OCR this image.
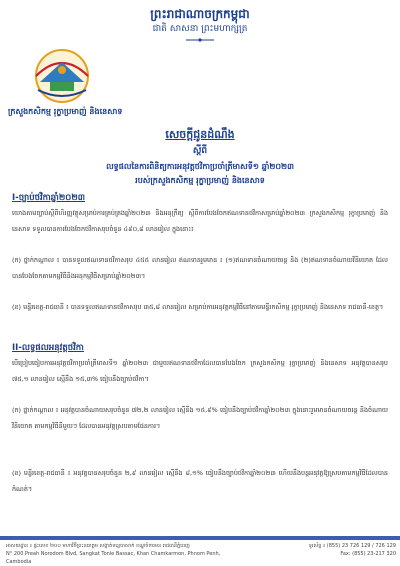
ព្រះរាជាណាចក្រកម្ពុជា
ជាតិ សាសនា ព្រះមហាក្សត្រ
ក្រសួងកសិកម្ម រុក្ខាប្រមាញ់ និងនេសាទ
សេចក្តីជូនដំណឹង
ស្តីពី
លទ្ធផលនៃការពិនិត្យការអនុវត្តថវិកាប្រចាំត្រីមាសទី១ ឆ្នាំ២០២៣
របស់ក្រសួងកសិកម្ម រុក្ខាប្រមាញ់ និងនេសាទ
I-ច្បាប់ថវិកាឆ្នាំ២០២៣
យោងតាមច្បាប់ស្តីពីហិរញ្ញវត្ថុសម្រាប់ការគ្រប់គ្រងឆ្នាំ២០២៣ និងអនុក្រឹត្យ ស្តីពីការបែងចែកឥណទានថវិកាសម្រាប់ឆ្នាំ២០២៣ ក្រសួងកសិកម្ម រុក្ខាប្រមាញ់ និងនេសាទ ទទួលបានការបែងចែកថវិកាសរុបចំនួន ៤៩០,៨ លានរៀល ក្នុងនោះ៖
(ក) ថ្នាក់កណ្តាល ៖ បានទទួលឥណទានថវិកាសរុប ៤៥៥ លានរៀល ឥណទានរួមមាន ៖ (១)ឥណទានចំណាយចរន្ត និង (២)ឥណទានចំណាយវិនិយោគ ដែលបានបែងចែកតាមកម្មវិធីនិងអនុកម្មវិធីសម្រាប់ឆ្នាំ២០២៣។
(ខ) មន្ទីរខេត្ត-រាជធានី ៖ បានទទួលឥណទានថវិកាសរុប ៣៥,៨ លានរៀល សម្រាប់ការអនុវត្តកម្មវិធីនៅតាមមន្ទីរកសិកម្ម រុក្ខាប្រមាញ់ និងនេសាទ រាជធានី-ខេត្ត។
II-លទ្ធផលអនុវត្តថវិកា
បើប្រៀបធៀបការអនុវត្តថវិកាប្រចាំត្រីមាសទី១ ឆ្នាំ២០២៣ ជាមួយឥណទានថវិកាដែលបានបែងចែក ក្រសួងកសិកម្ម រុក្ខាប្រមាញ់ និងនេសាទ អនុវត្តបានសរុប ៧៥,១ លានរៀល ស្មើនឹង ១៥,៣% ធៀបនឹងច្បាប់ថវិកា។
(ក) ថ្នាក់កណ្តាល ៖ អនុវត្តបានចំណាយសរុបចំនួន ៧២,២ លានរៀល ស្មើនឹង ១៥,៩% ធៀបនឹងច្បាប់ថវិកាឆ្នាំ២០២៣ ក្នុងនោះរួមមានចំណាយចរន្ត និងចំណាយវិនិយោគ តាមកម្មវិធីនីមួយៗ ដែលបានអនុវត្តស្របតាមផែនការ។
(ខ) មន្ទីរខេត្ត-រាជធានី ៖ អនុវត្តបានសរុបចំនួន ២,៩ លានរៀល ស្មើនឹង ៨,១% ធៀបនឹងច្បាប់ថវិកាឆ្នាំ២០២៣ ហើយនឹងបន្តអនុវត្តឱ្យស្របតាមកម្មវិធីដែលបានកំណត់។
អាសយដ្ឋាន ៖ ផ្ទះលេខ ២០០ មហាវិថីព្រះនរោត្តម សង្កាត់ទន្លេបាសាក់ ខណ្ឌចំការមន រាជធានីភ្នំពេញ
N° 200 Preah Norodom Blvd, Sangkat Tonle Bassac, Khan Chamkarmon, Phnom Penh, Cambodia
ទូរស័ព្ទ ៖ (855) 23 726 129 / 726 129
Fax: (855) 23-217 320
